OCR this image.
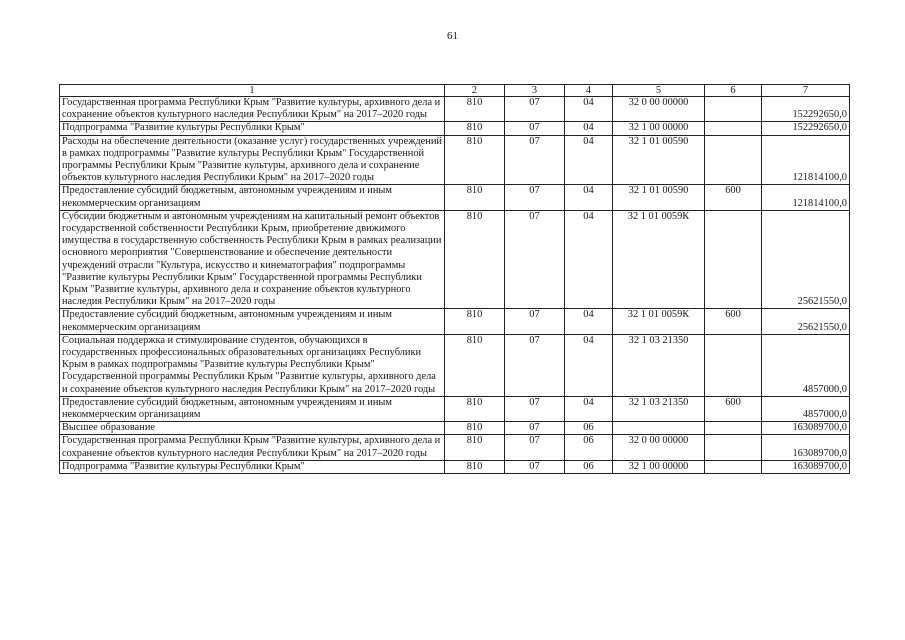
61
1	2	3	4	5	6	7
Государственная программа Республики Крым "Развитие культуры, архивного дела и сохранение объектов культурного наследия Республики Крым" на 2017–2020 годы	810	07	04	32 0 00 00000		152292650,0
Подпрограмма "Развитие культуры Республики Крым"	810	07	04	32 1 00 00000		152292650,0
Расходы на обеспечение деятельности (оказание услуг) государственных учреждений в рамках подпрограммы "Развитие культуры Республики Крым" Государственной программы Республики Крым "Развитие культуры, архивного дела и сохранение объектов культурного наследия Республики Крым" на 2017–2020 годы	810	07	04	32 1 01 00590		121814100,0
Предоставление субсидий бюджетным, автономным учреждениям и иным некоммерческим организациям	810	07	04	32 1 01 00590	600	121814100,0
Субсидии бюджетным и автономным учреждениям на капитальный ремонт объектов государственной собственности Республики Крым, приобретение движимого имущества в государственную собственность Республики Крым в рамках реализации основного мероприятия "Совершенствование и обеспечение деятельности учреждений отрасли "Культура, искусство и кинематография" подпрограммы "Развитие культуры Республики Крым" Государственной программы Республики Крым "Развитие культуры, архивного дела и сохранение объектов культурного наследия Республики Крым" на 2017–2020 годы	810	07	04	32 1 01 0059К		25621550,0
Предоставление субсидий бюджетным, автономным учреждениям и иным некоммерческим организациям	810	07	04	32 1 01 0059К	600	25621550,0
Социальная поддержка и стимулирование студентов, обучающихся в государственных профессиональных образовательных организациях Республики Крым в рамках подпрограммы "Развитие культуры Республики Крым" Государственной программы Республики Крым "Развитие культуры, архивного дела и сохранение объектов культурного наследия Республики Крым" на 2017–2020 годы	810	07	04	32 1 03 21350		4857000,0
Предоставление субсидий бюджетным, автономным учреждениям и иным некоммерческим организациям	810	07	04	32 1 03 21350	600	4857000,0
Высшее образование	810	07	06			163089700,0
Государственная программа Республики Крым "Развитие культуры, архивного дела и сохранение объектов культурного наследия Республики Крым" на 2017–2020 годы	810	07	06	32 0 00 00000		163089700,0
Подпрограмма "Развитие культуры Республики Крым"	810	07	06	32 1 00 00000		163089700,0
